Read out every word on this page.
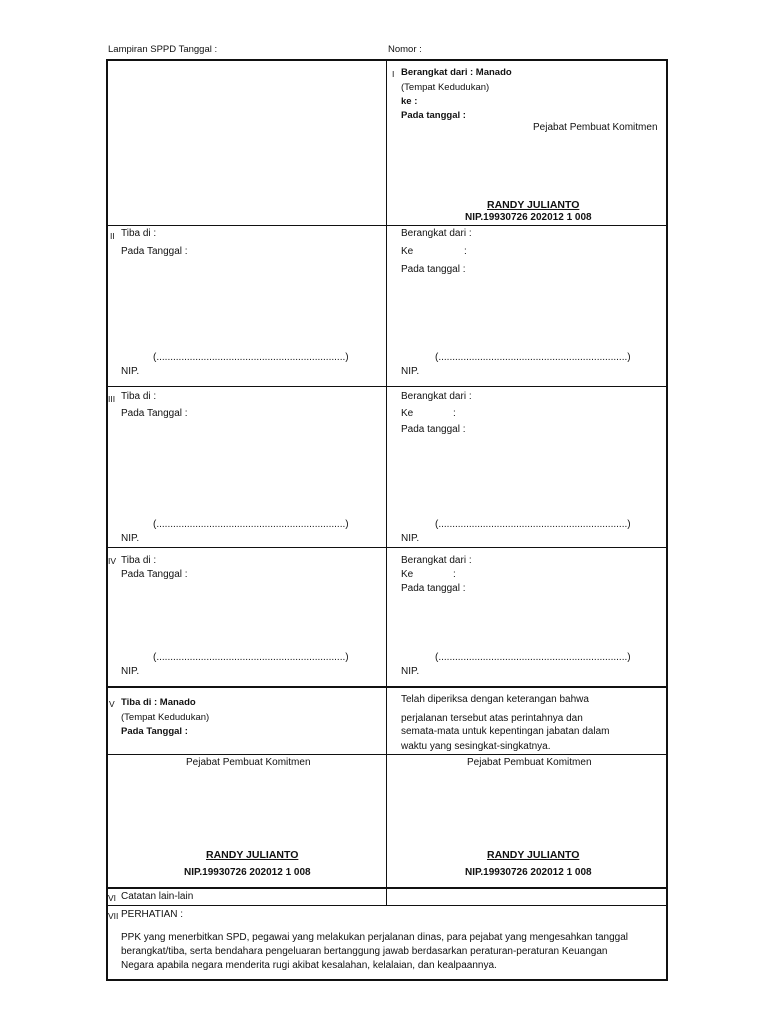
Lampiran SPPD Tanggal :	Nomor :
I Berangkat dari : Manado
(Tempat Kedudukan)
ke :
Pada tanggal :
Pejabat Pembuat Komitmen
RANDY JULIANTO
NIP.19930726 202012 1 008
II Tiba di :
Pada Tanggal :
(....................................................................)
NIP.
Berangkat dari :
Ke	:
Pada tanggal :
(....................................................................)
NIP.
III Tiba di :
Pada Tanggal :
(....................................................................)
NIP.
Berangkat dari :
Ke	:
Pada tanggal :
(....................................................................)
NIP.
IV Tiba di :
Pada Tanggal :
(....................................................................)
NIP.
Berangkat dari :
Ke	:
Pada tanggal :
(....................................................................)
NIP.
V Tiba di : Manado
(Tempat Kedudukan)
Pada Tanggal :
Telah diperiksa dengan keterangan bahwa
perjalanan tersebut atas perintahnya dan
semata-mata untuk kepentingan jabatan dalam
waktu yang sesingkat-singkatnya.
Pejabat Pembuat Komitmen
RANDY JULIANTO
NIP.19930726 202012 1 008
Pejabat Pembuat Komitmen
RANDY JULIANTO
NIP.19930726 202012 1 008
VI Catatan lain-lain
VII PERHATIAN :
PPK yang menerbitkan SPD, pegawai yang melakukan perjalanan dinas, para pejabat yang mengesahkan tanggal
berangkat/tiba, serta bendahara pengeluaran bertanggung jawab berdasarkan peraturan-peraturan Keuangan
Negara apabila negara menderita rugi akibat kesalahan, kelalaian, dan kealpaannya.
